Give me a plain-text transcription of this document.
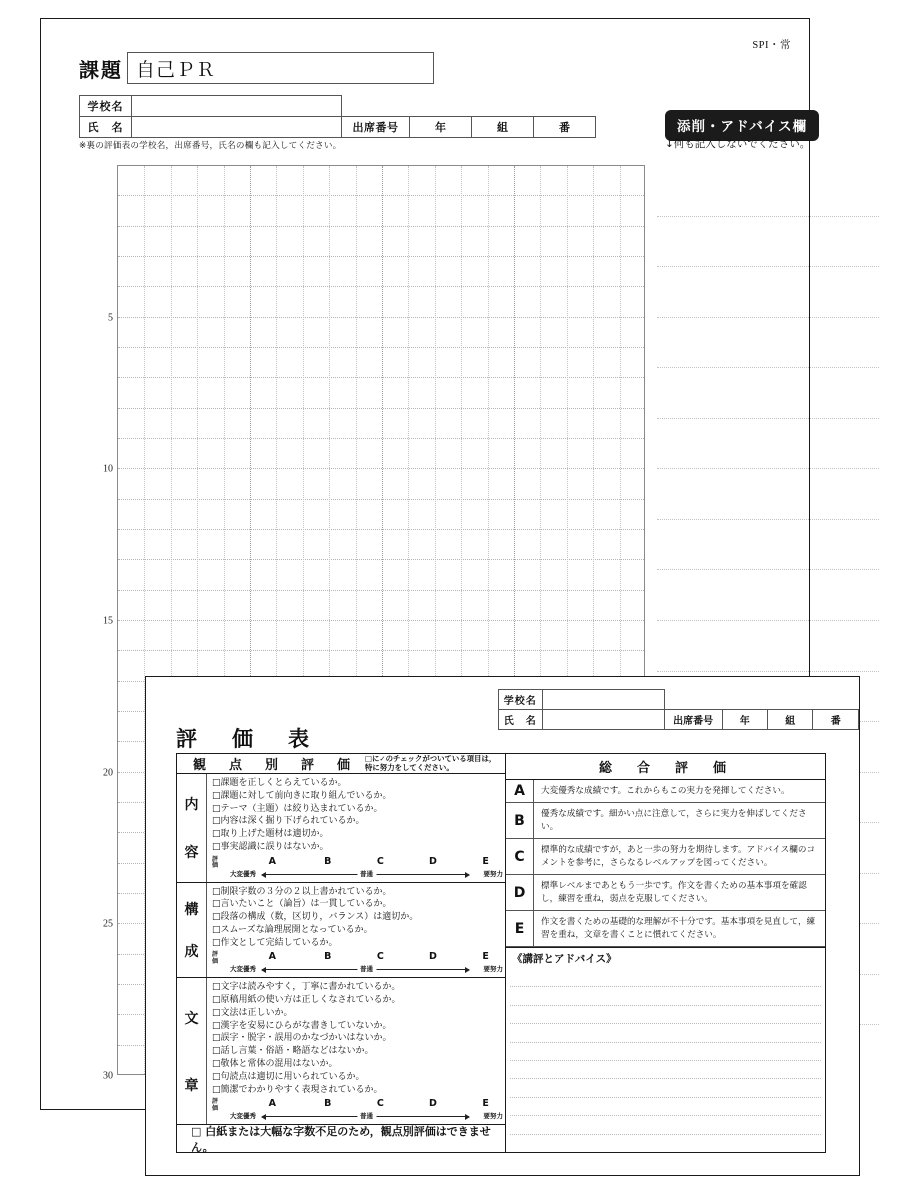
SPI・常
課題 自己ＰＲ
学校名					
氏　名		出席番号	年	組	番
※裏の評価表の学校名，出席番号，氏名の欄も記入してください。
添削・アドバイス欄
↓何も記入しないでください。
5
10
15
20
25
30
評　価　表
学校名					
氏　名		出席番号	年	組	番
観　点　別　評　価 □に✓のチェックがついている項目は，
特に努力をしてください。
内
容
□課題を正しくとらえているか。
□課題に対して前向きに取り組んでいるか。
□テーマ（主題）は絞り込まれているか。
□内容は深く掘り下げられているか。
□取り上げた題材は適切か。
□事実認識に誤りはないか。
評
価	A	B	C	D	E
大変優秀	普通	要努力
構
成
□制限字数の３分の２以上書かれているか。
□言いたいこと（論旨）は一貫しているか。
□段落の構成（数，区切り，バランス）は適切か。
□スムーズな論理展開となっているか。
□作文として完結しているか。
評
価	A	B	C	D	E
大変優秀	普通	要努力
文
章
□文字は読みやすく，丁寧に書かれているか。
□原稿用紙の使い方は正しくなされているか。
□文法は正しいか。
□漢字を安易にひらがな書きしていないか。
□誤字・脱字・誤用のかなづかいはないか。
□話し言葉・俗語・略語などはないか。
□敬体と常体の混用はないか。
□句読点は適切に用いられているか。
□簡潔でわかりやすく表現されているか。
評
価	A	B	C	D	E
大変優秀	普通	要努力
□ 白紙または大幅な字数不足のため，観点別評価はできません。
総　合　評　価
A	大変優秀な成績です。これからもこの実力を発揮してください。
B	優秀な成績です。細かい点に注意して，さらに実力を伸ばしてください。
C	標準的な成績ですが，あと一歩の努力を期待します。アドバイス欄のコメントを参考に，さらなるレベルアップを図ってください。
D	標準レベルまであともう一歩です。作文を書くための基本事項を確認し，練習を重ね，弱点を克服してください。
E	作文を書くための基礎的な理解が不十分です。基本事項を見直して，練習を重ね，文章を書くことに慣れてください。
《講評とアドバイス》
